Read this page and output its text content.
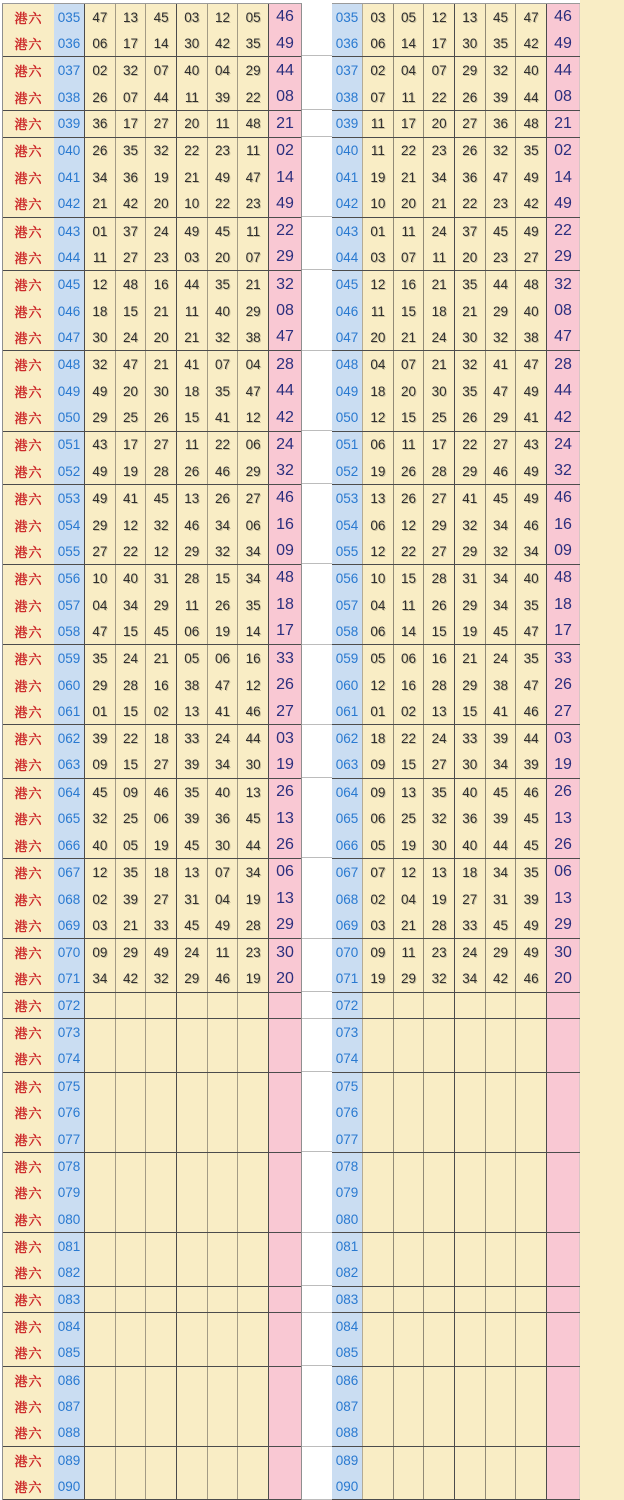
港六	035 47	13	45	03	12	05 46
港六	036 06	17	14	30	42	35 49
港六	037 02	32	07	40	04	29 44
港六	038 26	07	44	11	39	22 08
港六	039 36	17	27	20	11	48 21
港六	040 26	35	32	22	23	11 02
港六	041 34	36	19	21	49	47 14
港六	042 21	42	20	10	22	23 49
港六	043 01	37	24	49	45	11 22
港六	044 11	27	23	03	20	07 29
港六	045 12	48	16	44	35	21 32
港六	046 18	15	21	11	40	29 08
港六	047 30	24	20	21	32	38 47
港六	048 32	47	21	41	07	04 28
港六	049 49	20	30	18	35	47 44
港六	050 29	25	26	15	41	12 42
港六	051 43	17	27	11	22	06 24
港六	052 49	19	28	26	46	29 32
港六	053 49	41	45	13	26	27 46
港六	054 29	12	32	46	34	06 16
港六	055 27	22	12	29	32	34 09
港六	056 10	40	31	28	15	34 48
港六	057 04	34	29	11	26	35 18
港六	058 47	15	45	06	19	14 17
港六	059 35	24	21	05	06	16 33
港六	060 29	28	16	38	47	12 26
港六	061 01	15	02	13	41	46 27
港六	062 39	22	18	33	24	44 03
港六	063 09	15	27	39	34	30 19
港六	064 45	09	46	35	40	13 26
港六	065 32	25	06	39	36	45 13
港六	066 40	05	19	45	30	44 26
港六	067 12	35	18	13	07	34 06
港六	068 02	39	27	31	04	19 13
港六	069 03	21	33	45	49	28 29
港六	070 09	29	49	24	11	23 30
港六	071 34	42	32	29	46	19 20
港六	072
港六	073
港六	074
港六	075
港六	076
港六	077
港六	078
港六	079
港六	080
港六	081
港六	082
港六	083
港六	084
港六	085
港六	086
港六	087
港六	088
港六	089
港六	090
035 03	05	12	13	45	47 46
036 06	14	17	30	35	42 49
037 02	04	07	29	32	40 44
038 07	11	22	26	39	44 08
039 11	17	20	27	36	48 21
040 11	22	23	26	32	35 02
041 19	21	34	36	47	49 14
042 10	20	21	22	23	42 49
043 01	11	24	37	45	49 22
044 03	07	11	20	23	27 29
045 12	16	21	35	44	48 32
046 11	15	18	21	29	40 08
047 20	21	24	30	32	38 47
048 04	07	21	32	41	47 28
049 18	20	30	35	47	49 44
050 12	15	25	26	29	41 42
051 06	11	17	22	27	43 24
052 19	26	28	29	46	49 32
053 13	26	27	41	45	49 46
054 06	12	29	32	34	46 16
055 12	22	27	29	32	34 09
056 10	15	28	31	34	40 48
057 04	11	26	29	34	35 18
058 06	14	15	19	45	47 17
059 05	06	16	21	24	35 33
060 12	16	28	29	38	47 26
061 01	02	13	15	41	46 27
062 18	22	24	33	39	44 03
063 09	15	27	30	34	39 19
064 09	13	35	40	45	46 26
065 06	25	32	36	39	45 13
066 05	19	30	40	44	45 26
067 07	12	13	18	34	35 06
068 02	04	19	27	31	39 13
069 03	21	28	33	45	49 29
070 09	11	23	24	29	49 30
071 19	29	32	34	42	46 20
072
073
074
075
076
077
078
079
080
081
082
083
084
085
086
087
088
089
090
